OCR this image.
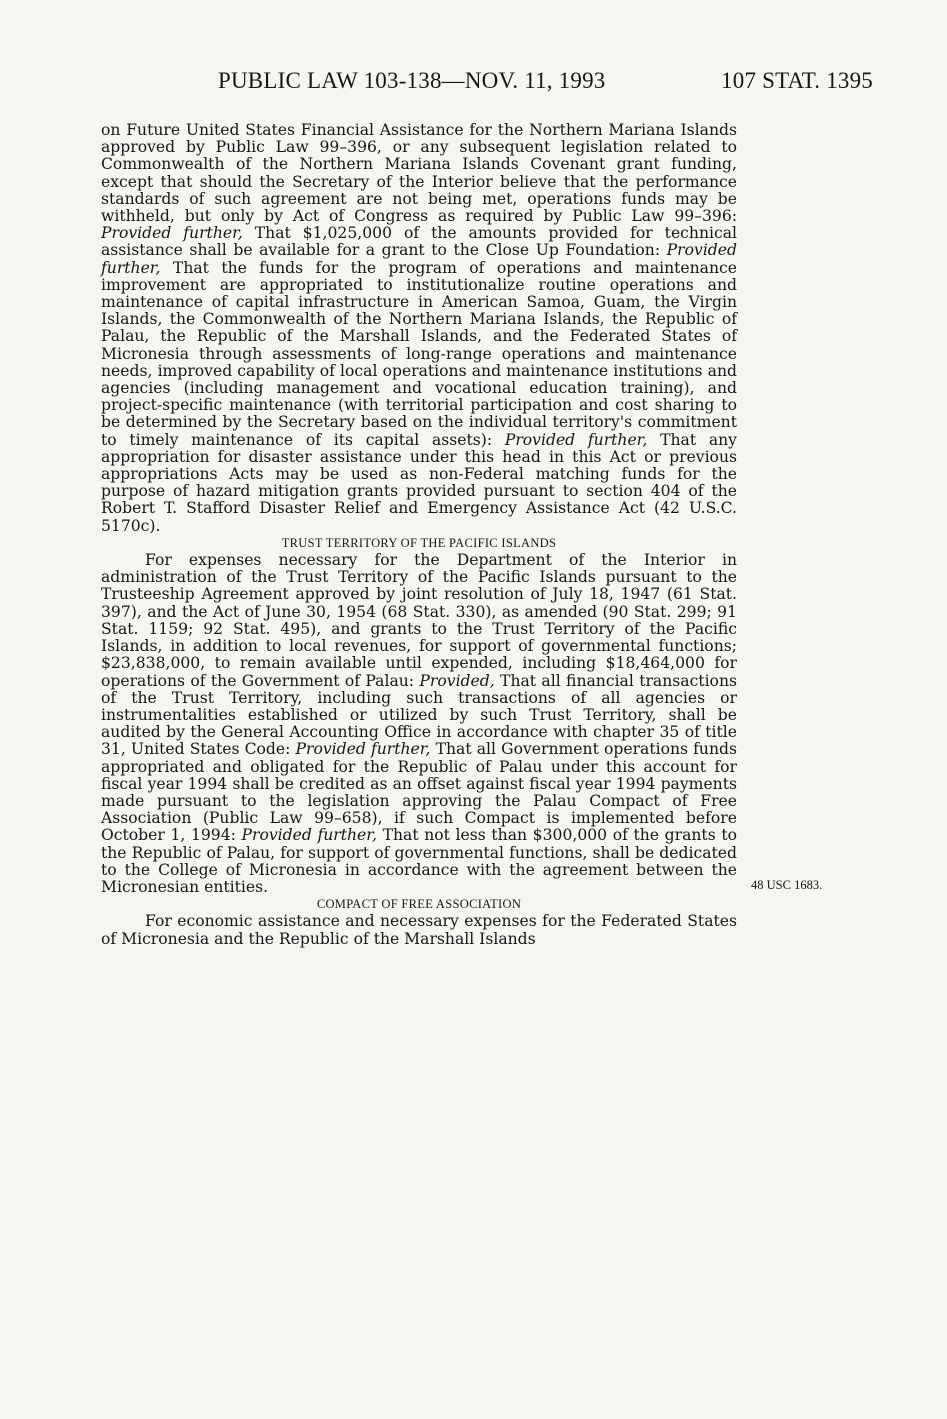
PUBLIC LAW 103-138—NOV. 11, 1993	107 STAT. 1395

on Future United States Financial Assistance for the Northern Mariana Islands approved by Public Law 99–396, or any subsequent legislation related to Commonwealth of the Northern Mariana Islands Covenant grant funding, except that should the Secretary of the Interior believe that the performance standards of such agreement are not being met, operations funds may be withheld, but only by Act of Congress as required by Public Law 99–396: Provided further, That $1,025,000 of the amounts provided for technical assistance shall be available for a grant to the Close Up Foundation: Provided further, That the funds for the program of operations and maintenance improvement are appropriated to institutionalize routine operations and maintenance of capital infrastructure in American Samoa, Guam, the Virgin Islands, the Commonwealth of the Northern Mariana Islands, the Republic of Palau, the Republic of the Marshall Islands, and the Federated States of Micronesia through assessments of long-range operations and maintenance needs, improved capability of local operations and maintenance institutions and agencies (including management and vocational education training), and project-specific maintenance (with territorial participation and cost sharing to be determined by the Secretary based on the individual territory's commitment to timely maintenance of its capital assets): Provided further, That any appropriation for disaster assistance under this head in this Act or previous appropriations Acts may be used as non-Federal matching funds for the purpose of hazard mitigation grants provided pursuant to section 404 of the Robert T. Stafford Disaster Relief and Emergency Assistance Act (42 U.S.C. 5170c).

TRUST TERRITORY OF THE PACIFIC ISLANDS

For expenses necessary for the Department of the Interior in administration of the Trust Territory of the Pacific Islands pursuant to the Trusteeship Agreement approved by joint resolution of July 18, 1947 (61 Stat. 397), and the Act of June 30, 1954 (68 Stat. 330), as amended (90 Stat. 299; 91 Stat. 1159; 92 Stat. 495), and grants to the Trust Territory of the Pacific Islands, in addition to local revenues, for support of governmental functions; $23,838,000, to remain available until expended, including $18,464,000 for operations of the Government of Palau: Provided, That all financial transactions of the Trust Territory, including such transactions of all agencies or instrumentalities established or utilized by such Trust Territory, shall be audited by the General Accounting Office in accordance with chapter 35 of title 31, United States Code: Provided further, That all Government operations funds appropriated and obligated for the Republic of Palau under this account for fiscal year 1994 shall be credited as an offset against fiscal year 1994 payments made pursuant to the legislation approving the Palau Compact of Free Association (Public Law 99–658), if such Compact is implemented before October 1, 1994: Provided further, That not less than $300,000 of the grants to the Republic of Palau, for support of governmental functions, shall be dedicated to the College of Micronesia in accordance with the agreement between the Micronesian entities.

COMPACT OF FREE ASSOCIATION

For economic assistance and necessary expenses for the Federated States of Micronesia and the Republic of the Marshall Islands

48 USC 1683.
